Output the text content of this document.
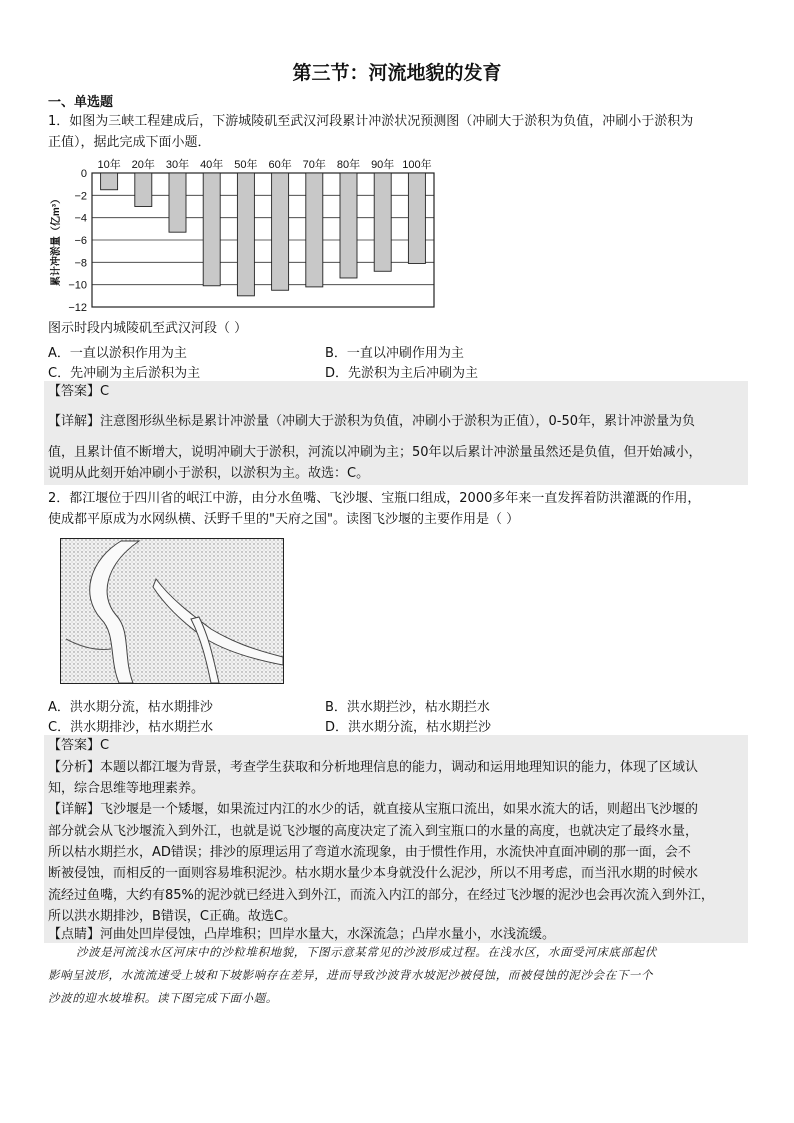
第三节：河流地貌的发育
一、单选题
1．如图为三峡工程建成后，下游城陵矶至武汉河段累计冲淤状况预测图（冲刷大于淤积为负值，冲刷小于淤积为
正值），据此完成下面小题．
0
−2
−4
−6
−8
−10
−12
10年 20年 30年 40年 50年 60年 70年 80年 90年 100年
累计冲淤量（亿m³）
图示时段内城陵矶至武汉河段（ ）
A．一直以淤积作用为主	B．一直以冲刷作用为主
C．先冲刷为主后淤积为主	D．先淤积为主后冲刷为主
【答案】C
【详解】注意图形纵坐标是累计冲淤量（冲刷大于淤积为负值，冲刷小于淤积为正值），0-50年，累计冲淤量为负
值，且累计值不断增大，说明冲刷大于淤积，河流以冲刷为主；50年以后累计冲淤量虽然还是负值，但开始减小，
说明从此刻开始冲刷小于淤积，以淤积为主。故选：C。
2．都江堰位于四川省的岷江中游，由分水鱼嘴、飞沙堰、宝瓶口组成，2000多年来一直发挥着防洪灌溉的作用，
使成都平原成为水网纵横、沃野千里的"天府之国"。读图飞沙堰的主要作用是（ ）
A．洪水期分流，枯水期排沙	B．洪水期拦沙，枯水期拦水
C．洪水期排沙，枯水期拦水	D．洪水期分流，枯水期拦沙
【答案】C
【分析】本题以都江堰为背景，考查学生获取和分析地理信息的能力，调动和运用地理知识的能力，体现了区域认
知，综合思维等地理素养。
【详解】飞沙堰是一个矮堰，如果流过内江的水少的话，就直接从宝瓶口流出，如果水流大的话，则超出飞沙堰的
部分就会从飞沙堰流入到外江，也就是说飞沙堰的高度决定了流入到宝瓶口的水量的高度，也就决定了最终水量，
所以枯水期拦水，AD错误；排沙的原理运用了弯道水流现象，由于惯性作用，水流快冲直面冲刷的那一面，会不
断被侵蚀，而相反的一面则容易堆积泥沙。枯水期水量少本身就没什么泥沙，所以不用考虑，而当汛水期的时候水
流经过鱼嘴，大约有85%的泥沙就已经进入到外江，而流入内江的部分，在经过飞沙堰的泥沙也会再次流入到外江，
所以洪水期排沙，B错误，C正确。故选C。
【点睛】河曲处凹岸侵蚀，凸岸堆积；凹岸水量大，水深流急；凸岸水量小，水浅流缓。
沙波是河流浅水区河床中的沙粒堆积地貌，下图示意某常见的沙波形成过程。在浅水区，水面受河床底部起伏
影响呈波形，水流流速受上坡和下坡影响存在差异，进而导致沙波背水坡泥沙被侵蚀，而被侵蚀的泥沙会在下一个
沙波的迎水坡堆积。读下图完成下面小题。
